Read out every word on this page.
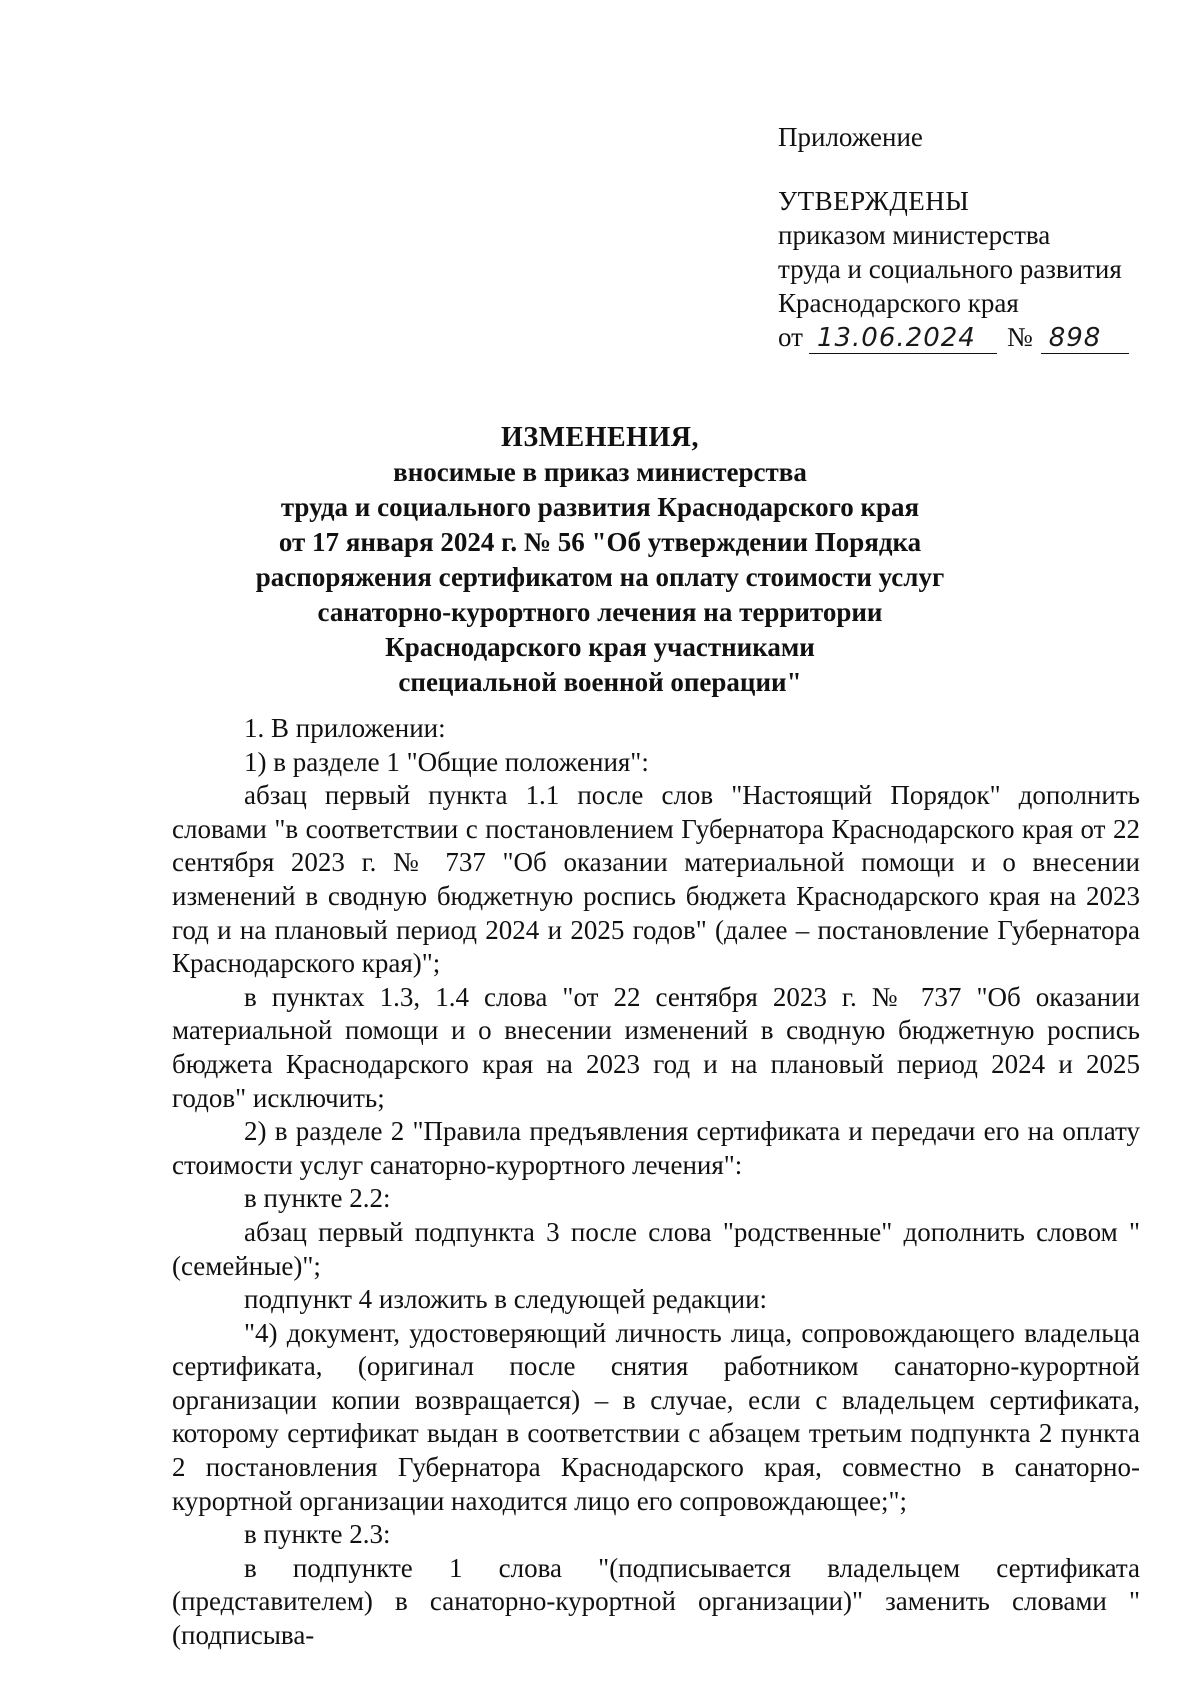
Приложение
УТВЕРЖДЕНЫ
приказом министерства
труда и социального развития
Краснодарского края
от 13.06.2024	№ 898
ИЗМЕНЕНИЯ,
вносимые в приказ министерства
труда и социального развития Краснодарского края
от 17 января 2024 г. № 56 "Об утверждении Порядка
распоряжения сертификатом на оплату стоимости услуг
санаторно-курортного лечения на территории
Краснодарского края участниками
специальной военной операции"

1. В приложении:

1) в разделе 1 "Общие положения":

абзац первый пункта 1.1 после слов "Настоящий Порядок" дополнить словами "в соответствии с постановлением Губернатора Краснодарского края от 22 сентября 2023 г. № 737 "Об оказании материальной помощи и о внесении изменений в сводную бюджетную роспись бюджета Краснодарского края на 2023 год и на плановый период 2024 и 2025 годов" (далее – постановление Губернатора Краснодарского края)";

в пунктах 1.3, 1.4 слова "от 22 сентября 2023 г. № 737 "Об оказании материальной помощи и о внесении изменений в сводную бюджетную роспись бюджета Краснодарского края на 2023 год и на плановый период 2024 и 2025 годов" исключить;

2) в разделе 2 "Правила предъявления сертификата и передачи его на оплату стоимости услуг санаторно-курортного лечения":

в пункте 2.2:

абзац первый подпункта 3 после слова "родственные" дополнить словом "(семейные)";

подпункт 4 изложить в следующей редакции:

"4) документ, удостоверяющий личность лица, сопровождающего владельца сертификата, (оригинал после снятия работником санаторно-курортной организации копии возвращается) – в случае, если с владельцем сертификата, которому сертификат выдан в соответствии с абзацем третьим подпункта 2 пункта 2 постановления Губернатора Краснодарского края, совместно в санаторно-курортной организации находится лицо его сопровождающее;";

в пункте 2.3:

в подпункте 1 слова "(подписывается владельцем сертификата (представителем) в санаторно-курортной организации)" заменить словами "(подписыва-
